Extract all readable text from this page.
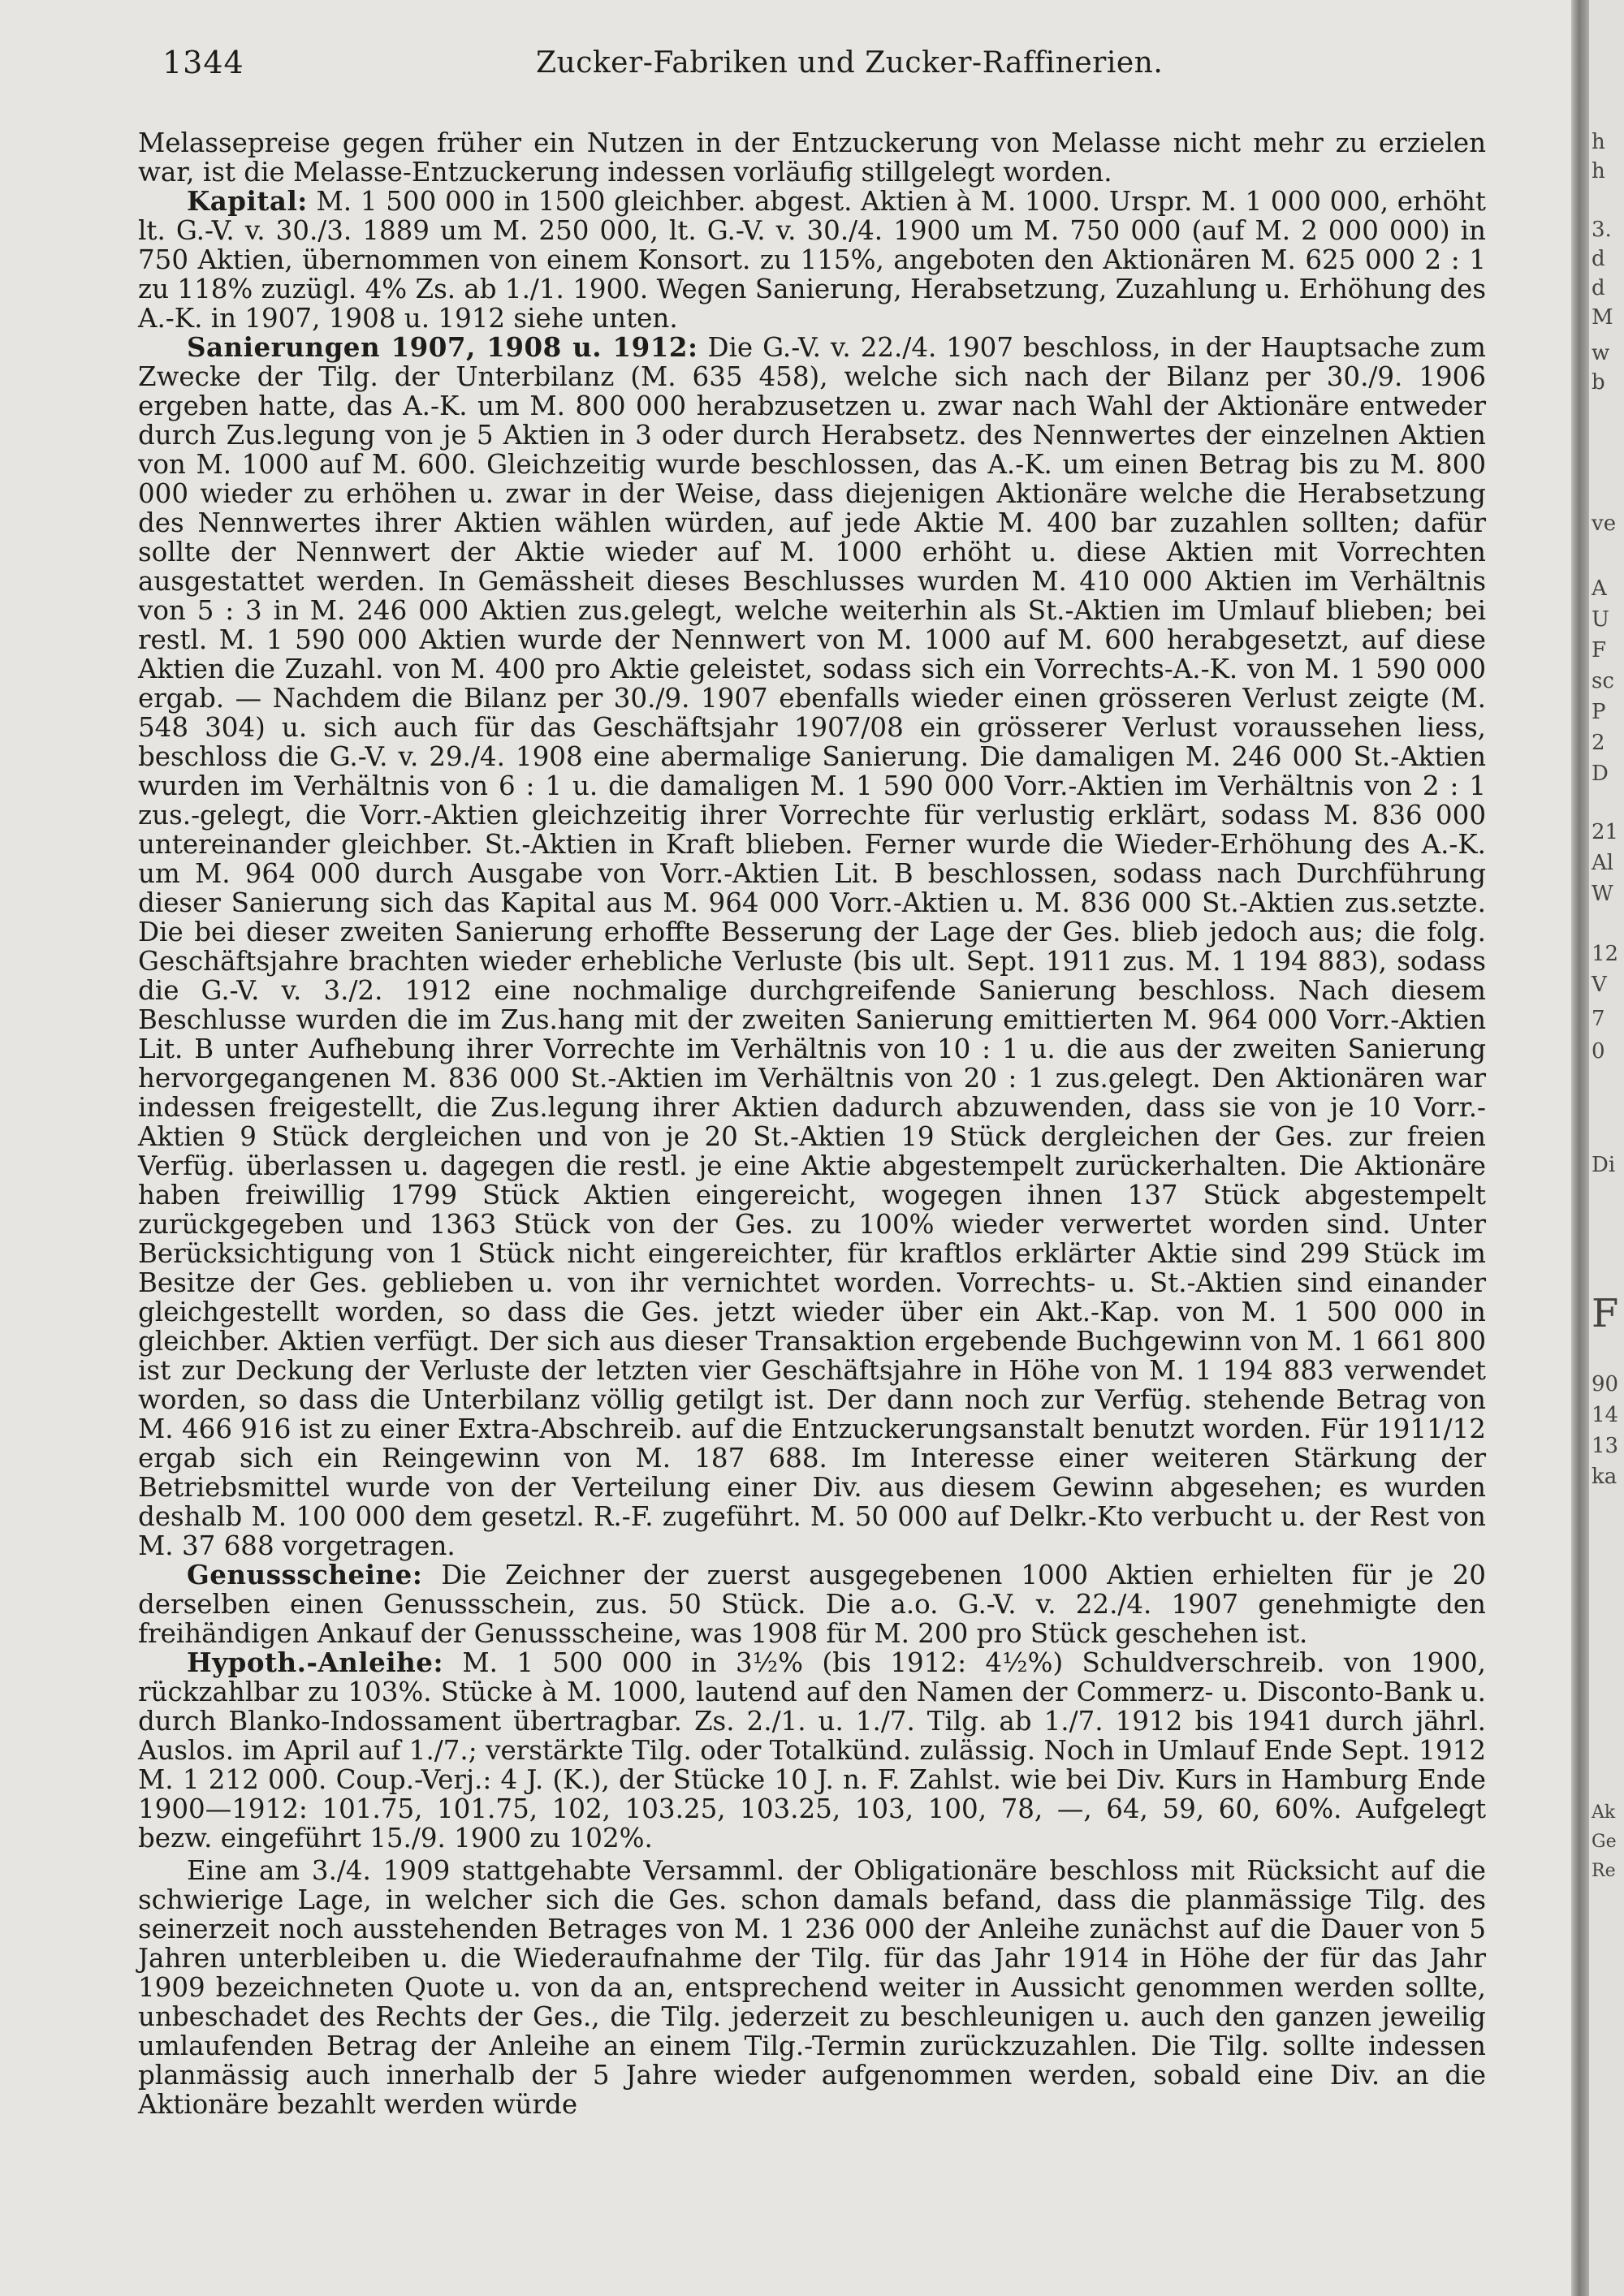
1344	Zucker-Fabriken und Zucker-Raffinerien.

Melassepreise gegen früher ein Nutzen in der Entzuckerung von Melasse nicht mehr zu erzielen war, ist die Melasse-Entzuckerung indessen vorläufig stillgelegt worden.

Kapital: M. 1 500 000 in 1500 gleichber. abgest. Aktien à M. 1000. Urspr. M. 1 000 000, erhöht lt. G.-V. v. 30./3. 1889 um M. 250 000, lt. G.-V. v. 30./4. 1900 um M. 750 000 (auf M. 2 000 000) in 750 Aktien, übernommen von einem Konsort. zu 115%, angeboten den Aktionären M. 625 000 2 : 1 zu 118% zuzügl. 4% Zs. ab 1./1. 1900. Wegen Sanierung, Herabsetzung, Zuzahlung u. Erhöhung des A.-K. in 1907, 1908 u. 1912 siehe unten.

Sanierungen 1907, 1908 u. 1912: Die G.-V. v. 22./4. 1907 beschloss, in der Hauptsache zum Zwecke der Tilg. der Unterbilanz (M. 635 458), welche sich nach der Bilanz per 30./9. 1906 ergeben hatte, das A.-K. um M. 800 000 herabzusetzen u. zwar nach Wahl der Aktionäre entweder durch Zus.legung von je 5 Aktien in 3 oder durch Herabsetz. des Nennwertes der einzelnen Aktien von M. 1000 auf M. 600. Gleichzeitig wurde beschlossen, das A.-K. um einen Betrag bis zu M. 800 000 wieder zu erhöhen u. zwar in der Weise, dass diejenigen Aktionäre welche die Herabsetzung des Nennwertes ihrer Aktien wählen würden, auf jede Aktie M. 400 bar zuzahlen sollten; dafür sollte der Nennwert der Aktie wieder auf M. 1000 erhöht u. diese Aktien mit Vorrechten ausgestattet werden. In Gemässheit dieses Beschlusses wurden M. 410 000 Aktien im Verhältnis von 5 : 3 in M. 246 000 Aktien zus.gelegt, welche weiterhin als St.-Aktien im Umlauf blieben; bei restl. M. 1 590 000 Aktien wurde der Nennwert von M. 1000 auf M. 600 herabgesetzt, auf diese Aktien die Zuzahl. von M. 400 pro Aktie geleistet, sodass sich ein Vorrechts-A.-K. von M. 1 590 000 ergab. — Nachdem die Bilanz per 30./9. 1907 ebenfalls wieder einen grösseren Verlust zeigte (M. 548 304) u. sich auch für das Geschäftsjahr 1907/08 ein grösserer Verlust voraussehen liess, beschloss die G.-V. v. 29./4. 1908 eine abermalige Sanierung. Die damaligen M. 246 000 St.-Aktien wurden im Verhältnis von 6 : 1 u. die damaligen M. 1 590 000 Vorr.-Aktien im Verhältnis von 2 : 1 zus.-gelegt, die Vorr.-Aktien gleichzeitig ihrer Vorrechte für verlustig erklärt, sodass M. 836 000 untereinander gleichber. St.-Aktien in Kraft blieben. Ferner wurde die Wieder-Erhöhung des A.-K. um M. 964 000 durch Ausgabe von Vorr.-Aktien Lit. B beschlossen, sodass nach Durchführung dieser Sanierung sich das Kapital aus M. 964 000 Vorr.-Aktien u. M. 836 000 St.-Aktien zus.setzte. Die bei dieser zweiten Sanierung erhoffte Besserung der Lage der Ges. blieb jedoch aus; die folg. Geschäftsjahre brachten wieder erhebliche Verluste (bis ult. Sept. 1911 zus. M. 1 194 883), sodass die G.-V. v. 3./2. 1912 eine nochmalige durchgreifende Sanierung beschloss. Nach diesem Beschlusse wurden die im Zus.hang mit der zweiten Sanierung emittierten M. 964 000 Vorr.-Aktien Lit. B unter Aufhebung ihrer Vorrechte im Verhältnis von 10 : 1 u. die aus der zweiten Sanierung hervorgegangenen M. 836 000 St.-Aktien im Verhältnis von 20 : 1 zus.gelegt. Den Aktionären war indessen freigestellt, die Zus.legung ihrer Aktien dadurch abzuwenden, dass sie von je 10 Vorr.-Aktien 9 Stück dergleichen und von je 20 St.-Aktien 19 Stück dergleichen der Ges. zur freien Verfüg. überlassen u. dagegen die restl. je eine Aktie abgestempelt zurückerhalten. Die Aktionäre haben freiwillig 1799 Stück Aktien eingereicht, wogegen ihnen 137 Stück abgestempelt zurückgegeben und 1363 Stück von der Ges. zu 100% wieder verwertet worden sind. Unter Berücksichtigung von 1 Stück nicht eingereichter, für kraftlos erklärter Aktie sind 299 Stück im Besitze der Ges. geblieben u. von ihr vernichtet worden. Vorrechts- u. St.-Aktien sind einander gleichgestellt worden, so dass die Ges. jetzt wieder über ein Akt.-Kap. von M. 1 500 000 in gleichber. Aktien verfügt. Der sich aus dieser Transaktion ergebende Buchgewinn von M. 1 661 800 ist zur Deckung der Verluste der letzten vier Geschäftsjahre in Höhe von M. 1 194 883 verwendet worden, so dass die Unterbilanz völlig getilgt ist. Der dann noch zur Verfüg. stehende Betrag von M. 466 916 ist zu einer Extra-Abschreib. auf die Entzuckerungsanstalt benutzt worden. Für 1911/12 ergab sich ein Reingewinn von M. 187 688. Im Interesse einer weiteren Stärkung der Betriebsmittel wurde von der Verteilung einer Div. aus diesem Gewinn abgesehen; es wurden deshalb M. 100 000 dem gesetzl. R.-F. zugeführt. M. 50 000 auf Delkr.-Kto verbucht u. der Rest von M. 37 688 vorgetragen.

Genussscheine: Die Zeichner der zuerst ausgegebenen 1000 Aktien erhielten für je 20 derselben einen Genussschein, zus. 50 Stück. Die a.o. G.-V. v. 22./4. 1907 genehmigte den freihändigen Ankauf der Genussscheine, was 1908 für M. 200 pro Stück geschehen ist.

Hypoth.-Anleihe: M. 1 500 000 in 3½% (bis 1912: 4½%) Schuldverschreib. von 1900, rückzahlbar zu 103%. Stücke à M. 1000, lautend auf den Namen der Commerz- u. Disconto-Bank u. durch Blanko-Indossament übertragbar. Zs. 2./1. u. 1./7. Tilg. ab 1./7. 1912 bis 1941 durch jährl. Auslos. im April auf 1./7.; verstärkte Tilg. oder Totalkünd. zulässig. Noch in Umlauf Ende Sept. 1912 M. 1 212 000. Coup.-Verj.: 4 J. (K.), der Stücke 10 J. n. F. Zahlst. wie bei Div. Kurs in Hamburg Ende 1900—1912: 101.75, 101.75, 102, 103.25, 103.25, 103, 100, 78, —, 64, 59, 60, 60%. Aufgelegt bezw. eingeführt 15./9. 1900 zu 102%.

Eine am 3./4. 1909 stattgehabte Versamml. der Obligationäre beschloss mit Rücksicht auf die schwierige Lage, in welcher sich die Ges. schon damals befand, dass die planmässige Tilg. des seinerzeit noch ausstehenden Betrages von M. 1 236 000 der Anleihe zunächst auf die Dauer von 5 Jahren unterbleiben u. die Wiederaufnahme der Tilg. für das Jahr 1914 in Höhe der für das Jahr 1909 bezeichneten Quote u. von da an, entsprechend weiter in Aussicht genommen werden sollte, unbeschadet des Rechts der Ges., die Tilg. jederzeit zu beschleunigen u. auch den ganzen jeweilig umlaufenden Betrag der Anleihe an einem Tilg.-Termin zurückzuzahlen. Die Tilg. sollte indessen planmässig auch innerhalb der 5 Jahre wieder aufgenommen werden, sobald eine Div. an die Aktionäre bezahlt werden würde

h
h
3.
d
d
M
w
b
ve
A
U
F
sc
P
2
D
21
Al
W
12
V
7
0
Di
F
90
14
13
ka
Ak
Ge
Re
